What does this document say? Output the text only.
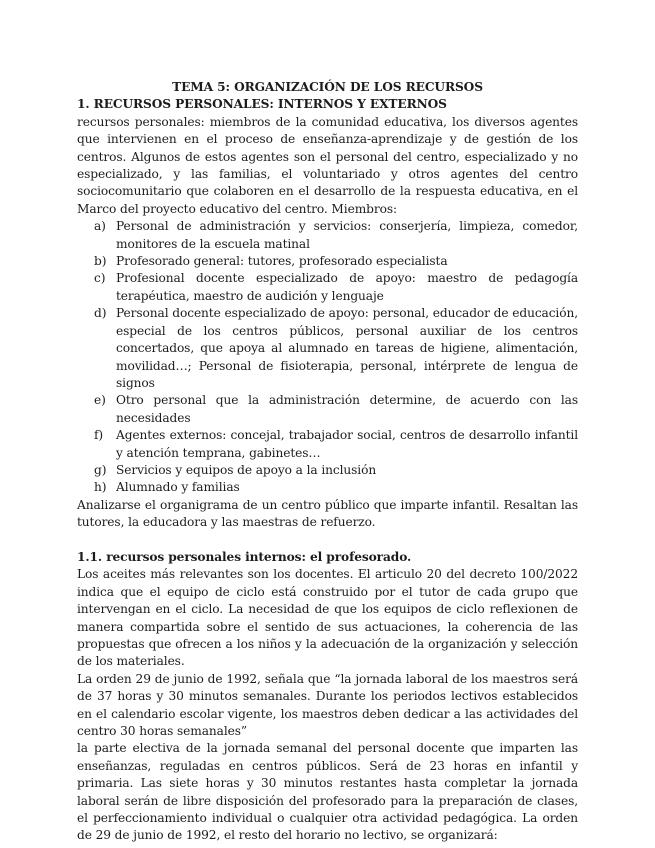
TEMA 5: ORGANIZACIÓN DE LOS RECURSOS

1. RECURSOS PERSONALES: INTERNOS Y EXTERNOS

recursos personales: miembros de la comunidad educativa, los diversos agentes que intervienen en el proceso de enseñanza-aprendizaje y de gestión de los centros. Algunos de estos agentes son el personal del centro, especializado y no especializado, y las familias, el voluntariado y otros agentes del centro sociocomunitario que colaboren en el desarrollo de la respuesta educativa, en el Marco del proyecto educativo del centro. Miembros:

a) Personal de administración y servicios: conserjería, limpieza, comedor, monitores de la escuela matinal
b) Profesorado general: tutores, profesorado especialista
c) Profesional docente especializado de apoyo: maestro de pedagogía terapéutica, maestro de audición y lenguaje
d) Personal docente especializado de apoyo: personal, educador de educación, especial de los centros públicos, personal auxiliar de los centros concertados, que apoya al alumnado en tareas de higiene, alimentación, movilidad…; Personal de fisioterapia, personal, intérprete de lengua de signos
e) Otro personal que la administración determine, de acuerdo con las necesidades
f) Agentes externos: concejal, trabajador social, centros de desarrollo infantil y atención temprana, gabinetes…
g) Servicios y equipos de apoyo a la inclusión
h) Alumnado y familias

Analizarse el organigrama de un centro público que imparte infantil. Resaltan las tutores, la educadora y las maestras de refuerzo.

1.1. recursos personales internos: el profesorado.

Los aceites más relevantes son los docentes. El articulo 20 del decreto 100/2022 indica que el equipo de ciclo está construido por el tutor de cada grupo que intervengan en el ciclo. La necesidad de que los equipos de ciclo reflexionen de manera compartida sobre el sentido de sus actuaciones, la coherencia de las propuestas que ofrecen a los niños y la adecuación de la organización y selección de los materiales.

La orden 29 de junio de 1992, señala que “la jornada laboral de los maestros será de 37 horas y 30 minutos semanales. Durante los periodos lectivos establecidos en el calendario escolar vigente, los maestros deben dedicar a las actividades del centro 30 horas semanales”

la parte electiva de la jornada semanal del personal docente que imparten las enseñanzas, reguladas en centros públicos. Será de 23 horas en infantil y primaria. Las siete horas y 30 minutos restantes hasta completar la jornada laboral serán de libre disposición del profesorado para la preparación de clases, el perfeccionamiento individual o cualquier otra actividad pedagógica. La orden de 29 de junio de 1992, el resto del horario no lectivo, se organizará:
